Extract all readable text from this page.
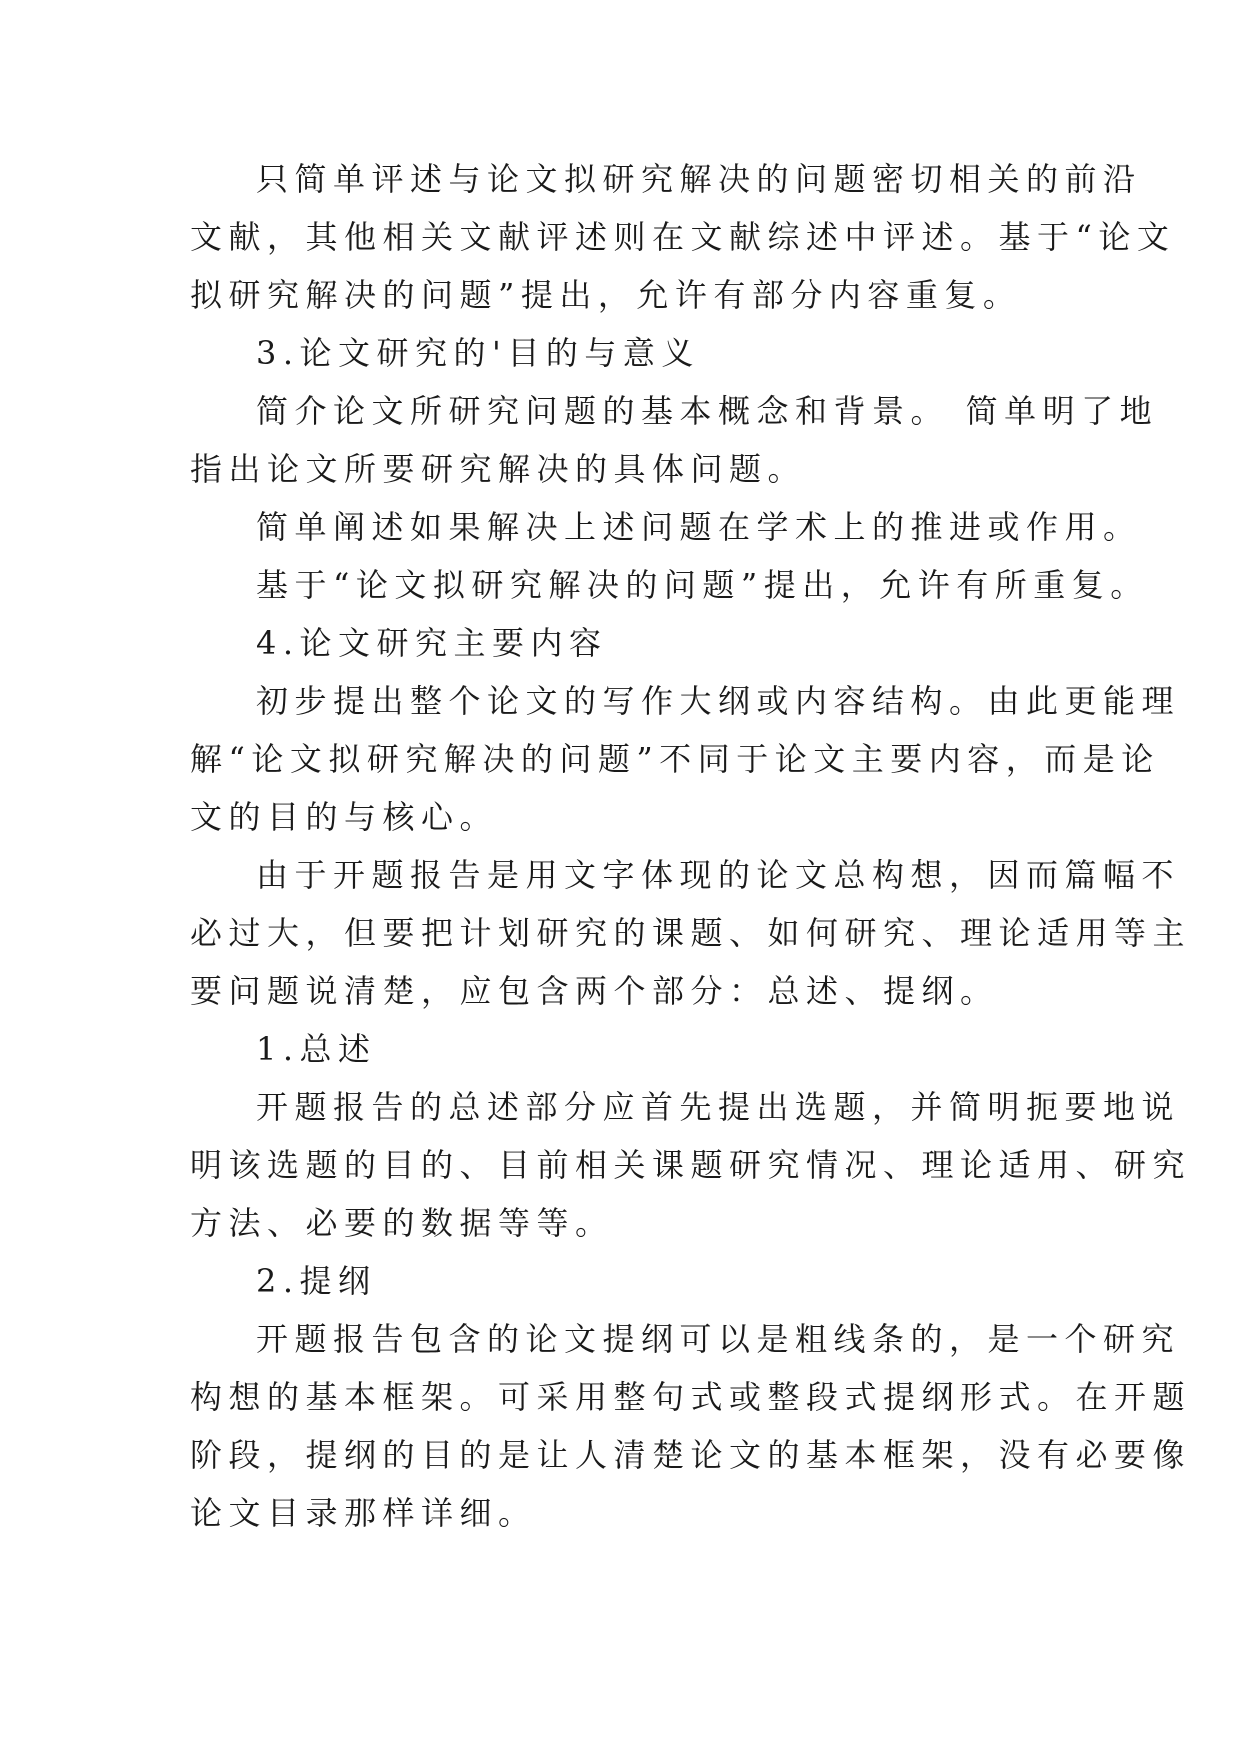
只简单评述与论文拟研究解决的问题密切相关的前沿
文献，其他相关文献评述则在文献综述中评述。基于“论文
拟研究解决的问题”提出，允许有部分内容重复。
3.论文研究的'目的与意义
简介论文所研究问题的基本概念和背景。 简单明了地
指出论文所要研究解决的具体问题。
简单阐述如果解决上述问题在学术上的推进或作用。
基于“论文拟研究解决的问题”提出，允许有所重复。
4.论文研究主要内容
初步提出整个论文的写作大纲或内容结构。由此更能理
解“论文拟研究解决的问题”不同于论文主要内容，而是论
文的目的与核心。
由于开题报告是用文字体现的论文总构想，因而篇幅不
必过大，但要把计划研究的课题、如何研究、理论适用等主
要问题说清楚，应包含两个部分：总述、提纲。
1.总述
开题报告的总述部分应首先提出选题，并简明扼要地说
明该选题的目的、目前相关课题研究情况、理论适用、研究
方法、必要的数据等等。
2.提纲
开题报告包含的论文提纲可以是粗线条的，是一个研究
构想的基本框架。可采用整句式或整段式提纲形式。在开题
阶段，提纲的目的是让人清楚论文的基本框架，没有必要像
论文目录那样详细。
